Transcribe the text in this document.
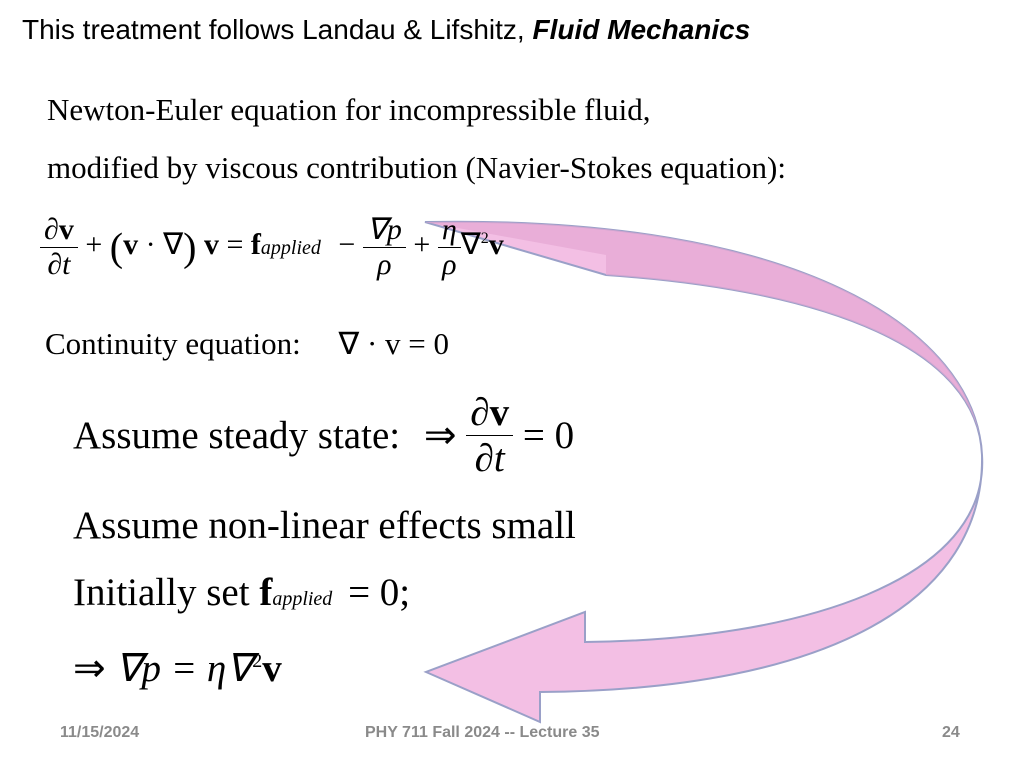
This treatment follows Landau & Lifshitz, Fluid Mechanics
Newton-Euler equation for incompressible fluid,
modified by viscous contribution (Navier-Stokes equation):
$\frac{\partial v}{\partial t} + (v$ · ∇) v = fapplied − $\frac{\nabla p}{\rho} + \frac{\eta}{\rho} \nabla^2v$
Continuity equation: ∇ · v = 0
Assume steady state: ⇒ $\frac{\partial v}{\partial t} = 0$
Assume non-linear effects small
Initially set fapplied = 0;
⇒ ∇p = η∇$^2$v
11/15/2024	PHY 711 Fall 2024 -- Lecture 35	24
